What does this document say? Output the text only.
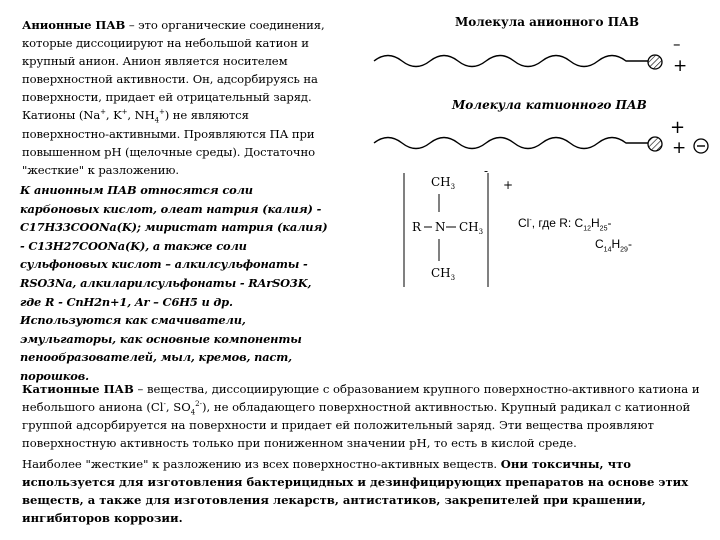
Анионные ПАВ – это органические соединения, которые диссоциируют на небольшой катион и крупный анион. Анион является носителем поверхностной активности. Он, адсорбируясь на поверхности, придает ей отрицательный заряд. Катионы (Na+, K+, $NH_4^+$) не являются поверхностно-активными. Проявляются ПА при повышенном pH (щелочные среды). Достаточно "жесткие" к разложению.
К анионным ПАВ относятся соли карбоновых кислот, олеат натрия (калия) - C17H33COONa(K); миристат натрия (калия) - C13H27COONa(K), а также соли сульфоновых кислот – алкилсульфонаты - RSO3Na, алкиларилсульфонаты - RArSO3K, где R - CnH2n+1, Ar – C6H5 и др. Используются как смачиватели, эмульгаторы, как основные компоненты пенообразователей, мыл, кремов, паст, порошков.
Молекула анионного ПАВ
Молекула катионного ПАВ
–
+
+
+
-
+
$CH_3$
R N $CH_3$
$CH_3$
Cl-, где R: $C_{12}H_{25}-$
$C_{14}H_{29}-$

Катионные ПАВ – вещества, диссоциирующие с образованием крупного поверхностно-активного катиона и небольшого аниона (Cl-, $SO_4^{2-}$), не обладающего поверхностной активностью. Крупный радикал с катионной группой адсорбируется на поверхности и придает ей положительный заряд. Эти вещества проявляют поверхностную активность только при пониженном значении pH, то есть в кислой среде.

Наиболее "жесткие" к разложению из всех поверхностно-активных веществ. Они токсичны, что используется для изготовления бактерицидных и дезинфицирующих препаратов на основе этих веществ, а также для изготовления лекарств, антистатиков, закрепителей при крашении, ингибиторов коррозии.
